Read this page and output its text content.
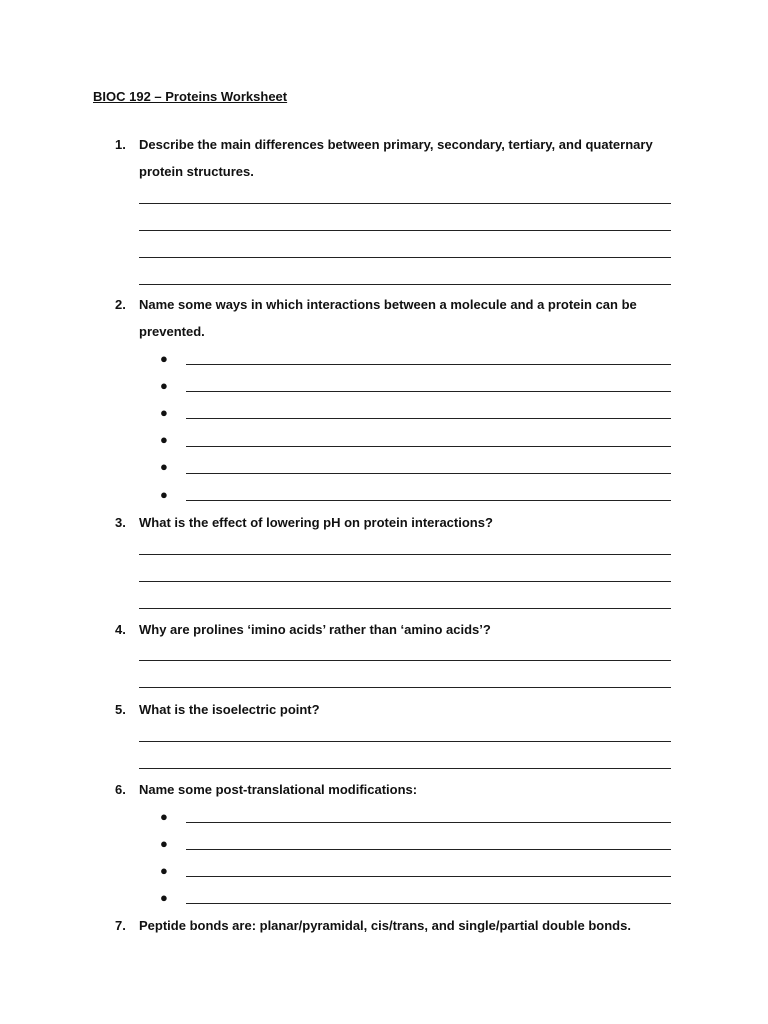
BIOC 192 – Proteins Worksheet
1. Describe the main differences between primary, secondary, tertiary, and quaternary
protein structures.
2. Name some ways in which interactions between a molecule and a protein can be
prevented.
●
●
●
●
●
●
3. What is the effect of lowering pH on protein interactions?
4. Why are prolines ‘imino acids’ rather than ‘amino acids’?
5. What is the isoelectric point?
6. Name some post-translational modifications:
●
●
●
●
7. Peptide bonds are: planar/pyramidal, cis/trans, and single/partial double bonds.
